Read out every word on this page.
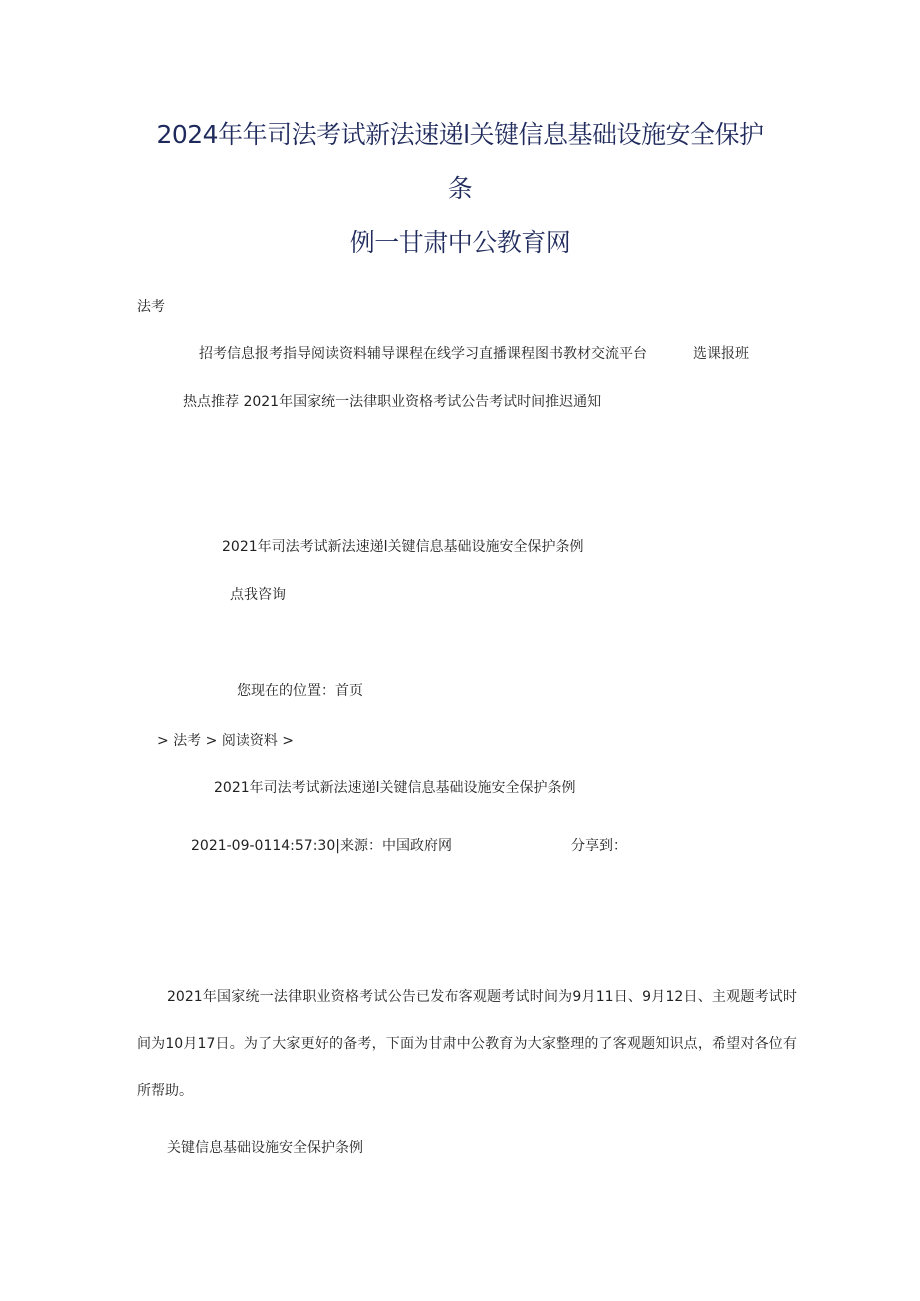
2024年年司法考试新法速递l关键信息基础设施安全保护
条
例一甘肃中公教育网
法考
招考信息报考指导阅读资料辅导课程在线学习直播课程图书教材交流平台	选课报班
热点推荐 2021年国家统一法律职业资格考试公告考试时间推迟通知
2021年司法考试新法速递l关键信息基础设施安全保护条例
点我咨询
您现在的位置：首页
> 法考 > 阅读资料 >
2021年司法考试新法速递l关键信息基础设施安全保护条例
2021-09-0114:57:30|来源：中国政府网	分享到：
2021年国家统一法律职业资格考试公告已发布客观题考试时间为9月11日、9月12日、主观题考试时间为10月17日。为了大家更好的备考，下面为甘肃中公教育为大家整理的了客观题知识点，希望对各位有所帮助。
关键信息基础设施安全保护条例
